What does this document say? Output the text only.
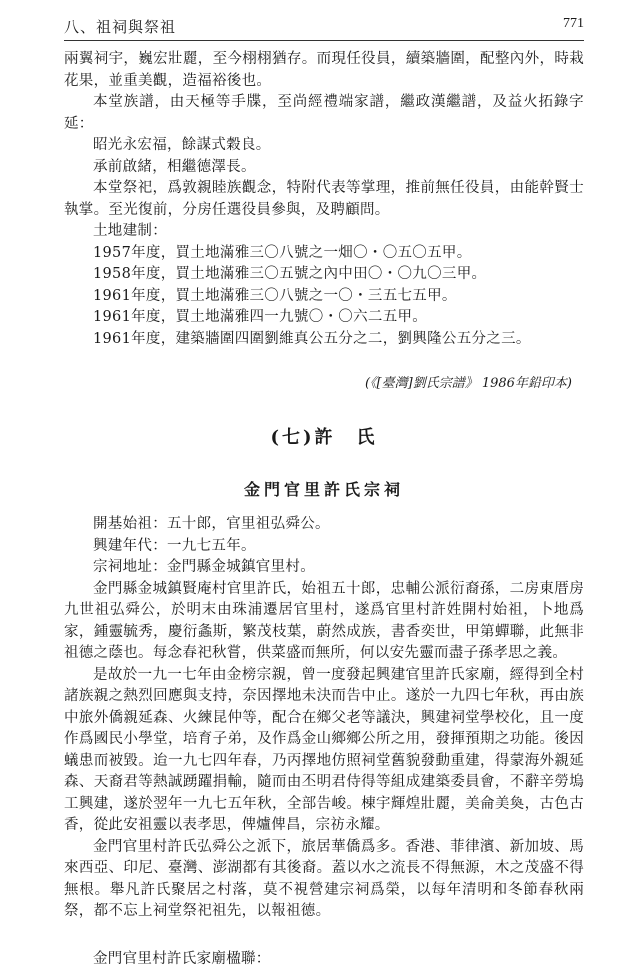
八、祖祠與祭祖	771

兩翼祠宇，巍宏壯麗，至今栩栩猶存。而現任役員，續築牆圍，配整內外，時栽花果，並重美觀，造福裕後也。

本堂族譜，由天極等手牒，至尚經禮端家譜，繼政漢繼譜，及益火拓錄字延：

昭光永宏福，餘謀式穀良。

承前啟緒，相繼德澤長。

本堂祭祀，爲敦親睦族觀念，特附代表等掌理，推前無任役員，由能幹賢士執掌。至光復前，分房任選役員參與，及聘顧問。

土地建制：

1957年度，買土地滿雅三〇八號之一畑〇・〇五〇五甲。

1958年度，買土地滿雅三〇五號之內中田〇・〇九〇三甲。

1961年度，買土地滿雅三〇八號之一〇・三五七五甲。

1961年度，買土地滿雅四一九號〇・〇六二五甲。

1961年度，建築牆圍四圍劉維真公五分之二，劉興隆公五分之三。

(《[臺灣]劉氏宗譜》 1986年鉛印本)

(七)許　氏
金門官里許氏宗祠

開基始祖：五十郎，官里祖弘舜公。

興建年代：一九七五年。

宗祠地址：金門縣金城鎮官里村。

金門縣金城鎮賢庵村官里許氏，始祖五十郎，忠輔公派衍裔孫，二房東厝房九世祖弘舜公，於明末由珠浦遷居官里村，遂爲官里村許姓開村始祖，卜地爲家，鍾靈毓秀，慶衍螽斯，繁茂枝葉，蔚然成族，書香奕世，甲第蟬聯，此無非祖德之蔭也。每念春祀秋嘗，供菜盛而無所，何以安先靈而盡子孫孝思之義。

是故於一九一七年由金榜宗親，曾一度發起興建官里許氏家廟，經得到全村諸族親之熱烈回應與支持，奈因擇地未決而告中止。遂於一九四七年秋，再由族中旅外僑親延森、火練昆仲等，配合在鄉父老等議決，興建祠堂學校化，且一度作爲國民小學堂，培育子弟，及作爲金山鄉鄉公所之用，發揮預期之功能。後因蟻患而被毀。迨一九七四年春，乃丙擇地仿照祠堂舊貌發動重建，得蒙海外親延森、天裔君等熱誠踴躍捐輸，隨而由丕明君侍得等組成建築委員會，不辭辛勞塢工興建，遂於翌年一九七五年秋，全部告峻。棟宇輝煌壯麗，美侖美奐，古色古香，從此安祖靈以表孝思，俾爐俾昌，宗祊永耀。

金門官里村許氏弘舜公之派下，旅居華僑爲多。香港、菲律濱、新加坡、馬來西亞、印尼、臺灣、澎湖都有其後裔。蓋以水之流長不得無源，木之茂盛不得無根。舉凡許氏聚居之村落，莫不視營建宗祠爲榮，以每年清明和冬節春秋兩祭，都不忘上祠堂祭祀祖先，以報祖德。

金門官里村許氏家廟楹聯：
